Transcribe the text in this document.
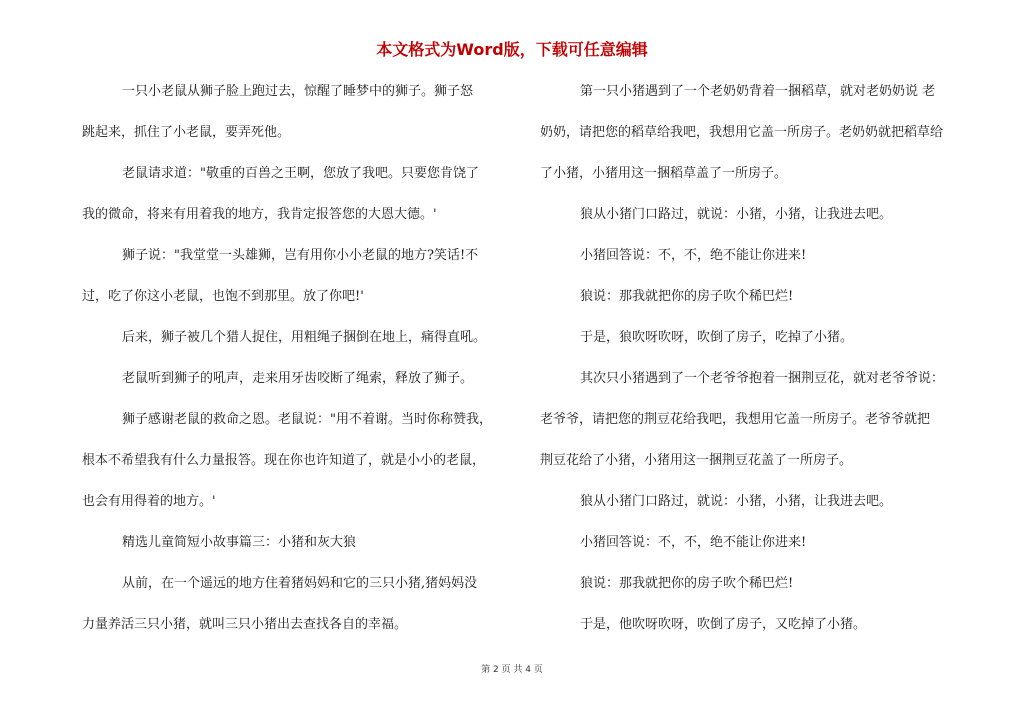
本文格式为Word版，下载可任意编辑
一只小老鼠从狮子脸上跑过去，惊醒了睡梦中的狮子。狮子怒
跳起来，抓住了小老鼠，要弄死他。
老鼠请求道："敬重的百兽之王啊，您放了我吧。只要您肯饶了
我的微命，将来有用着我的地方，我肯定报答您的大恩大德。'
狮子说："我堂堂一头雄狮，岂有用你小小老鼠的地方?笑话!不
过，吃了你这小老鼠，也饱不到那里。放了你吧!'
后来，狮子被几个猎人捉住，用粗绳子捆倒在地上，痛得直吼。
老鼠听到狮子的吼声，走来用牙齿咬断了绳索，释放了狮子。
狮子感谢老鼠的救命之恩。老鼠说："用不着谢。当时你称赞我，
根本不希望我有什么力量报答。现在你也许知道了，就是小小的老鼠，
也会有用得着的地方。'
精选儿童简短小故事篇三：小猪和灰大狼
从前，在一个遥远的地方住着猪妈妈和它的三只小猪,猪妈妈没
力量养活三只小猪，就叫三只小猪出去查找各自的幸福。
第一只小猪遇到了一个老奶奶背着一捆稻草，就对老奶奶说 老
奶奶，请把您的稻草给我吧，我想用它盖一所房子。老奶奶就把稻草给
了小猪，小猪用这一捆稻草盖了一所房子。
狼从小猪门口路过，就说：小猪，小猪，让我进去吧。
小猪回答说：不，不，绝不能让你进来!
狼说：那我就把你的房子吹个稀巴烂!
于是，狼吹呀吹呀，吹倒了房子，吃掉了小猪。
其次只小猪遇到了一个老爷爷抱着一捆荆豆花，就对老爷爷说：
老爷爷，请把您的荆豆花给我吧，我想用它盖一所房子。老爷爷就把
荆豆花给了小猪，小猪用这一捆荆豆花盖了一所房子。
狼从小猪门口路过，就说：小猪，小猪，让我进去吧。
小猪回答说：不，不，绝不能让你进来!
狼说：那我就把你的房子吹个稀巴烂!
于是，他吹呀吹呀，吹倒了房子，又吃掉了小猪。
第 2 页 共 4 页
